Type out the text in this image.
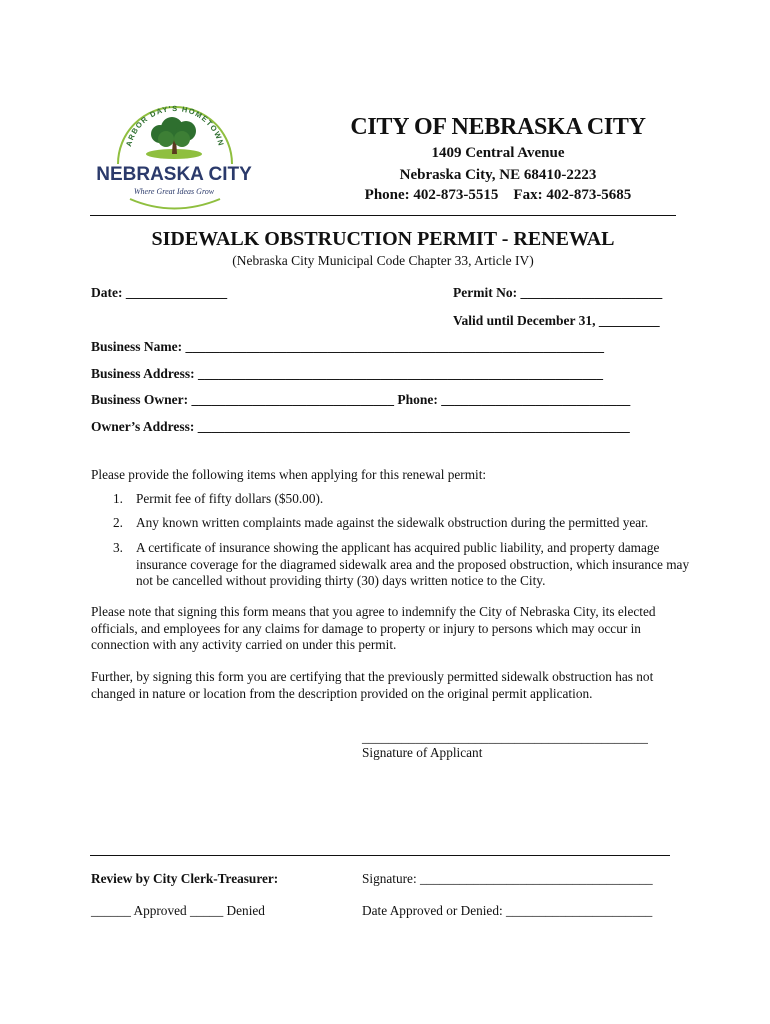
ARBOR DAY'S HOMETOWN
NEBRASKA CITY
Where Great Ideas Grow
CITY OF NEBRASKA CITY
1409 Central Avenue
Nebraska City, NE 68410-2223
Phone: 402-873-5515    Fax: 402-873-5685
SIDEWALK OBSTRUCTION PERMIT - RENEWAL
(Nebraska City Municipal Code Chapter 33, Article IV)
Date: _______________	Permit No: _____________________
Valid until December 31, _________
Business Name: ______________________________________________________________
Business Address: ____________________________________________________________
Business Owner: ______________________________ Phone: ____________________________
Owner’s Address: ________________________________________________________________
Please provide the following items when applying for this renewal permit:
1. Permit fee of fifty dollars ($50.00).
2. Any known written complaints made against the sidewalk obstruction during the permitted year.
3. A certificate of insurance showing the applicant has acquired public liability, and property damage insurance coverage for the diagramed sidewalk area and the proposed obstruction, which insurance may not be cancelled without providing thirty (30) days written notice to the City.
Please note that signing this form means that you agree to indemnify the City of Nebraska City, its elected officials, and employees for any claims for damage to property or injury to persons which may occur in connection with any activity carried on under this permit.
Further, by signing this form you are certifying that the previously permitted sidewalk obstruction has not changed in nature or location from the description provided on the original permit application.
___________________________________________
Signature of Applicant
Review by City Clerk-Treasurer:	Signature: ___________________________________
______ Approved _____ Denied	Date Approved or Denied: ______________________
